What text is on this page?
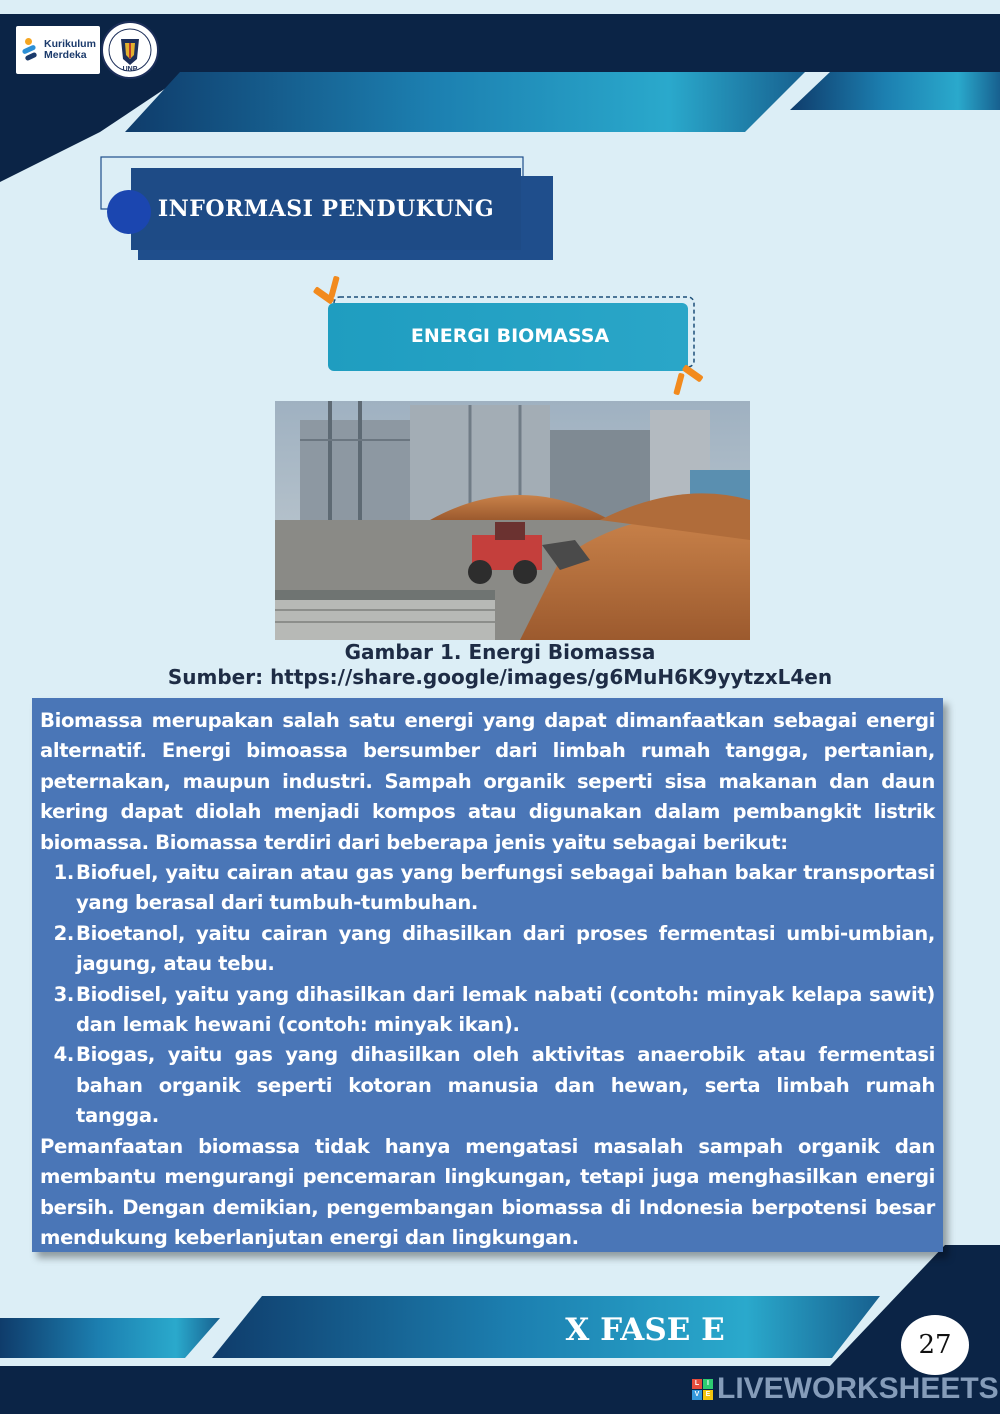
Kurikulum
Merdeka
UNP
INFORMASI PENDUKUNG
ENERGI BIOMASSA
Gambar 1. Energi Biomassa
Sumber: https://share.google/images/g6MuH6K9yytzxL4en

Biomassa merupakan salah satu energi yang dapat dimanfaatkan sebagai energi alternatif. Energi bimoassa bersumber dari limbah rumah tangga, pertanian, peternakan, maupun industri. Sampah organik seperti sisa makanan dan daun kering dapat diolah menjadi kompos atau digunakan dalam pembangkit listrik biomassa. Biomassa terdiri dari beberapa jenis yaitu sebagai berikut:

1. Biofuel, yaitu cairan atau gas yang berfungsi sebagai bahan bakar transportasi yang berasal dari tumbuh-tumbuhan.
2. Bioetanol, yaitu cairan yang dihasilkan dari proses fermentasi umbi-umbian, jagung, atau tebu.
3. Biodisel, yaitu yang dihasilkan dari lemak nabati (contoh: minyak kelapa sawit) dan lemak hewani (contoh: minyak ikan).
4. Biogas, yaitu gas yang dihasilkan oleh aktivitas anaerobik atau fermentasi bahan organik seperti kotoran manusia dan hewan, serta limbah rumah tangga.

Pemanfaatan biomassa tidak hanya mengatasi masalah sampah organik dan membantu mengurangi pencemaran lingkungan, tetapi juga menghasilkan energi bersih. Dengan demikian, pengembangan biomassa di Indonesia berpotensi besar mendukung keberlanjutan energi dan lingkungan.

X FASE E	27
L	I
V E LIVEWORKSHEETS
